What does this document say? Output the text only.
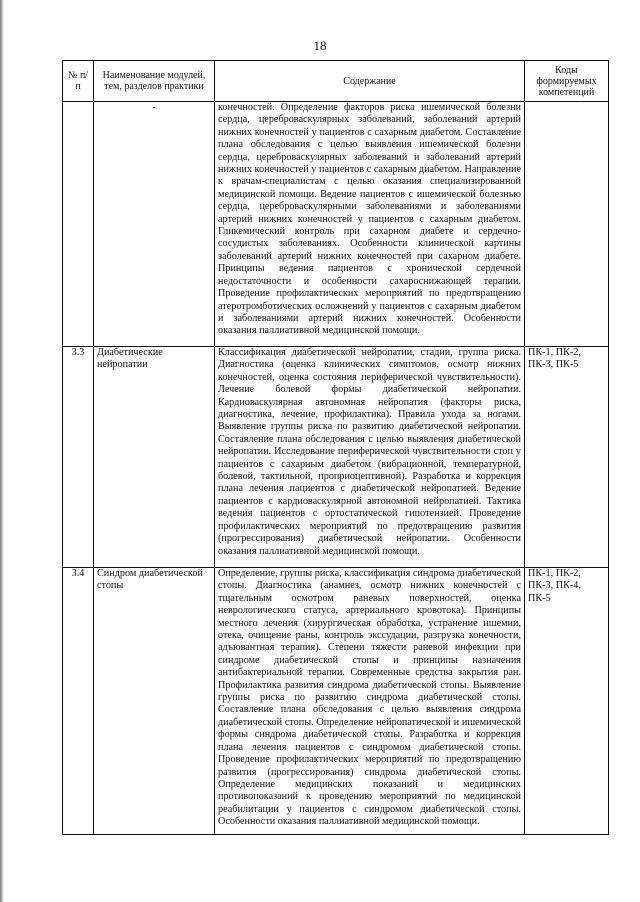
18
№ п/п	Наименование модулей, тем, разделов практики	Содержание	Коды формируемых компетенций
	-	конечностей. Определение факторов риска ишемической болезни сердца, цереброваскулярных заболеваний, заболеваний артерий нижних конечностей у пациентов с сахарным диабетом. Составление плана обследования с целью выявления ишемической болезни сердца, цереброваскулярных заболеваний и заболеваний артерий нижних конечностей у пациентов с сахарным диабетом. Направление к врачам-специалистам с целью оказания специализированной медицинской помощи. Ведение пациентов с ишемической болезнью сердца, цереброваскулярными заболеваниями и заболеваниями артерий нижних конечностей у пациентов с сахарным диабетом. Гликемический контроль при сахарном диабете и сердечно-сосудистых заболеваниях. Особенности клинической картины заболеваний артерий нижних конечностей при сахарном диабете. Принципы ведения пациентов с хронической сердечной недостаточности и особенности сахароснижающей терапии. Проведение профилактических мероприятий по предотвращению атеротромботических осложнений у пациентов с сахарным диабетом и заболеваниями артерий нижних конечностей. Особенности оказания паллиативной медицинской помощи.	
3.3	Диабетические нейропатии	Классификация диабетической нейропатии, стадии, группа риска. Диагностика (оценка клинических симптомов, осмотр нижних конечностей, оценка состояния периферической чувствительности). Лечение болевой формы диабетической нейропатии. Кардиоваскулярная автономная нейропатия (факторы риска, диагностика, лечение, профилактика). Правила ухода за ногами. Выявление группы риска по развитию диабетической нейропатии. Составление плана обследования с целью выявления диабетической нейропатии. Исследование периферической чувствительности стоп у пациентов с сахарным диабетом (вибрационной, температурной, болевой, тактильной, проприоцептивной). Разработка и коррекция плана лечения пациентов с диабетической нейропатией. Ведение пациентов с кардиоваскулярной автономной нейропатией. Тактика ведения пациентов с ортостатической гипотензией. Проведение профилактических мероприятий по предотвращению развития (прогрессирования) диабетической нейропатии. Особенности оказания паллиативной медицинской помощи.	ПК-1, ПК-2, ПК-3, ПК-5
3.4	Синдром диабетической стопы	Определение, группы риска, классификация синдрома диабетической стопы. Диагностика (анамнез, осмотр нижних конечностей с тщательным осмотром раневых поверхностей, оценка неврологического статуса, артериального кровотока). Принципы местного лечения (хирургическая обработка, устранение ишемии, отека, очищение раны, контроль экссудации, разгрузка конечности, адъювантная терапия). Степени тяжести раневой инфекции при синдроме диабетической стопы и принципы назначения антибактериальной терапии. Современные средства закрытия ран. Профилактика развития синдрома диабетической стопы. Выявление группы риска по развитию синдрома диабетической стопы. Составление плана обследования с целью выявления синдрома диабетической стопы. Определение нейропатической и ишемической формы синдрома диабетической стопы. Разработка и коррекция плана лечения пациентов с синдромом диабетической стопы. Проведение профилактических мероприятий по предотвращению развития (прогрессирования) синдрома диабетической стопы. Определение медицинских показаний и медицинских противопоказаний к проведению мероприятий по медицинской реабилитации у пациентов с синдромом диабетической стопы. Особенности оказания паллиативной медицинской помощи.	ПК-1, ПК-2, ПК-3, ПК-4, ПК-5
